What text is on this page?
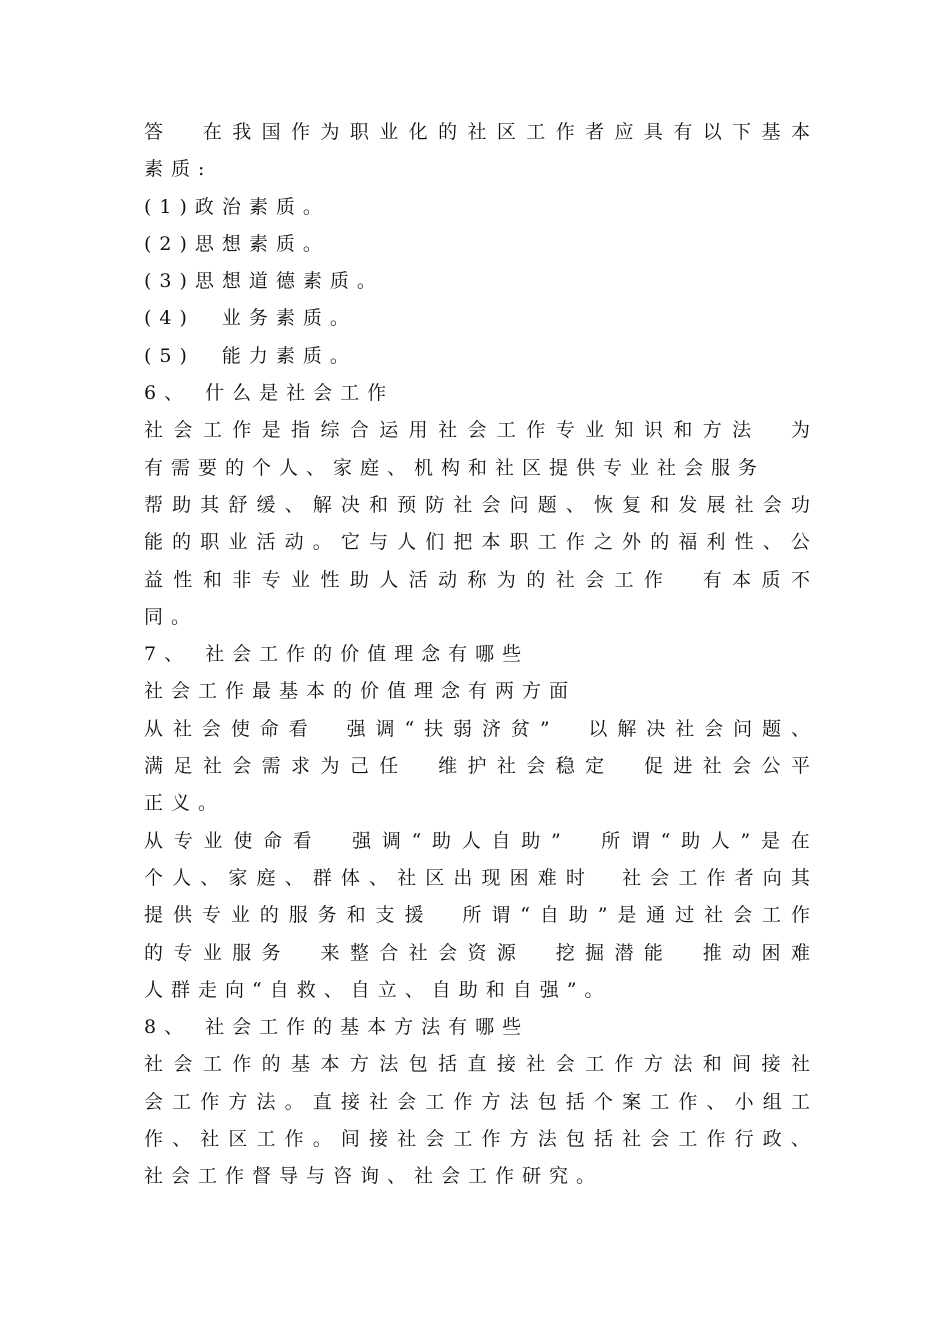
答
　 在 我 国 作 为 职 业 化 的 社 区 工 作 者 应 具 有 以 下 基 本
素质:
(1)政治素质。
(2)思想素质。
(3)思想道德素质。
(4)　业务素质。
(5)　能力素质。
6、 什么是社会工作
社 会 工 作 是 指 综 合 运 用 社 会 工 作 专 业 知 识 和 方 法
　 为
有需要的个人、家庭、机构和社区提供专业社会服务
帮 助 其 舒 缓 、 解 决 和 预 防 社 会 问 题 、 恢 复 和 发 展 社 会 功
能 的 职 业 活 动 。 它 与 人 们 把 本 职 工 作 之 外 的 福 利 性 、 公
益 性 和 非 专 业 性 助 人 活 动 称 为 的 社 会 工 作
　 有 本 质 不
同。
7、 社会工作的价值理念有哪些
社会工作最基本的价值理念有两方面
从 社 会 使 命 看
　 强 调 “ 扶 弱 济 贫 ”
　 以 解 决 社 会 问 题 、
满 足 社 会 需 求 为 己 任
　 维 护 社 会 稳 定
　 促 进 社 会 公 平
正义。
从 专 业 使 命 看
　 强 调 “ 助 人 自 助 ”
　 所 谓 “ 助 人 ” 是 在
个 人 、 家 庭 、 群 体 、 社 区 出 现 困 难 时
　 社 会 工 作 者 向 其
提 供 专 业 的 服 务 和 支 援
　 所 谓 “ 自 助 ” 是 通 过 社 会 工 作
的 专 业 服 务
　 来 整 合 社 会 资 源
　 挖 掘 潜 能
　 推 动 困 难
人群走向“自救、自立、自助和自强”。
8、 社会工作的基本方法有哪些
社 会 工 作 的 基 本 方 法 包 括 直 接 社 会 工 作 方 法 和 间 接 社
会 工 作 方 法 。 直 接 社 会 工 作 方 法 包 括 个 案 工 作 、 小 组 工
作 、 社 区 工 作 。 间 接 社 会 工 作 方 法 包 括 社 会 工 作 行 政 、
社会工作督导与咨询、社会工作研究。
